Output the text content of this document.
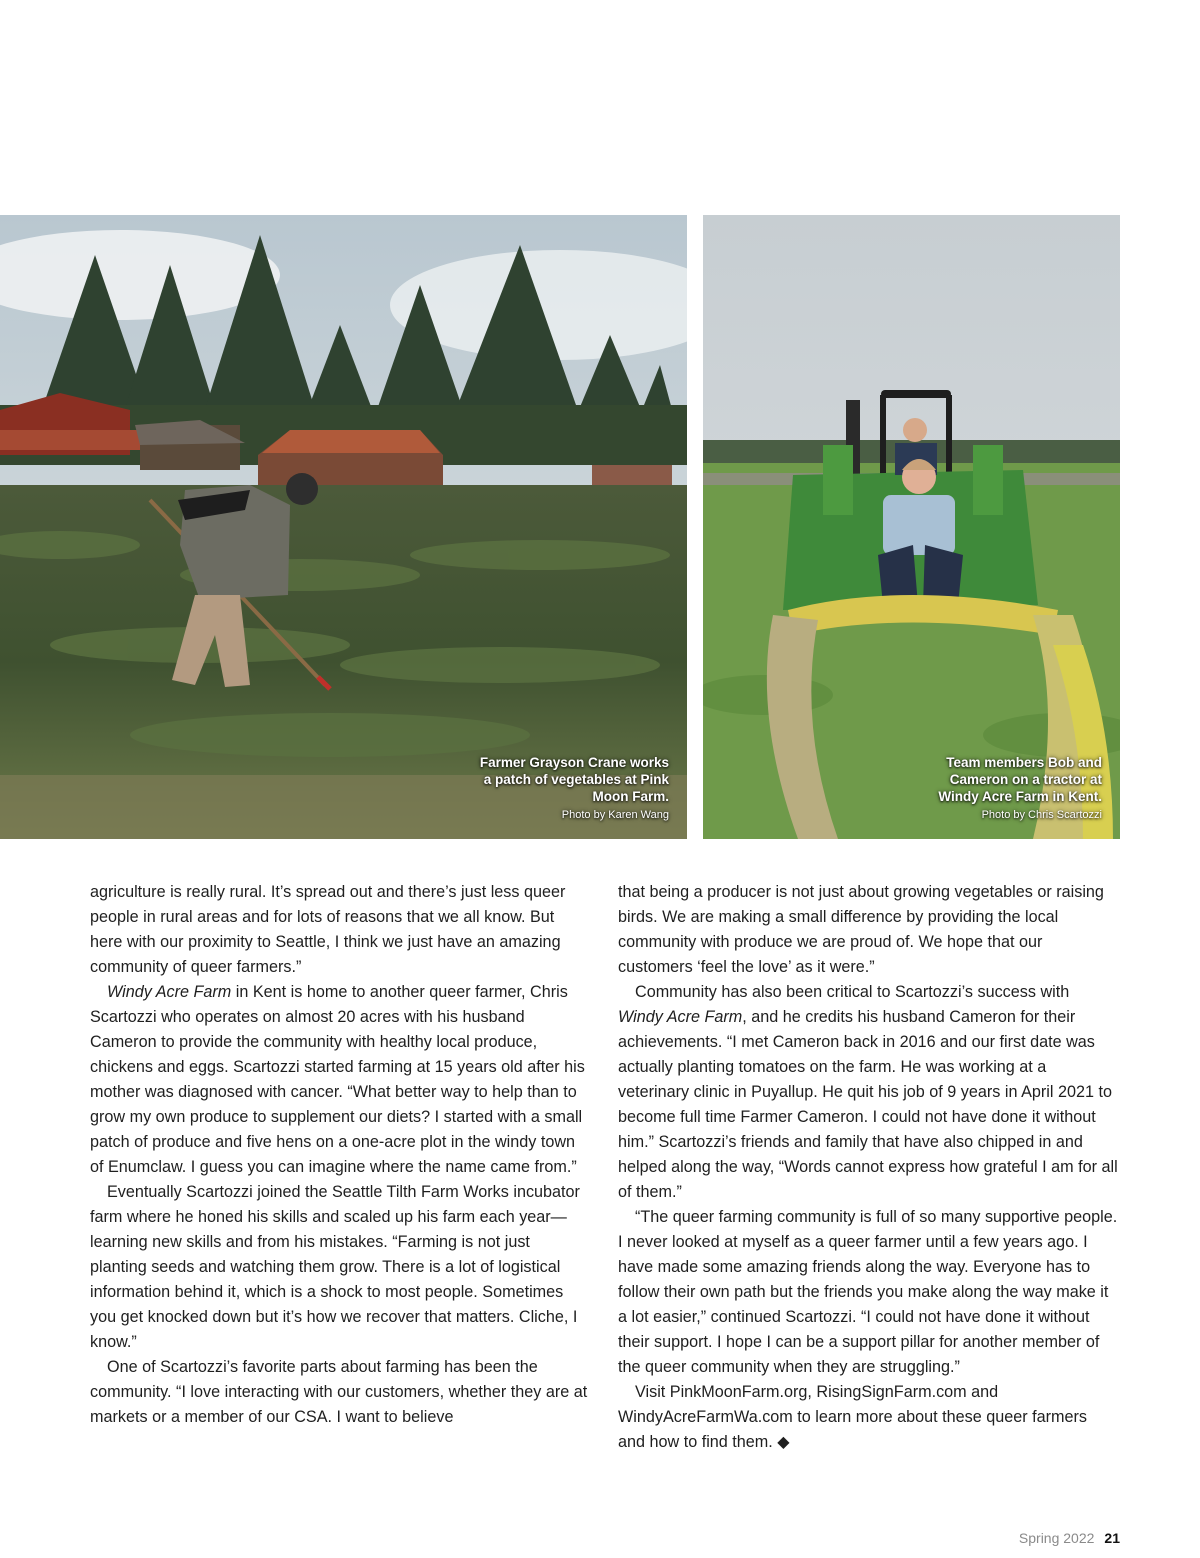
Farmer Grayson Crane works
a patch of vegetables at Pink
Moon Farm.
Photo by Karen Wang
Team members Bob and
Cameron on a tractor at
Windy Acre Farm in Kent.
Photo by Chris Scartozzi

agriculture is really rural. It’s spread out and there’s just less queer people in rural areas and for lots of reasons that we all know. But here with our proximity to Seattle, I think we just have an amazing community of queer farmers.”

Windy Acre Farm in Kent is home to another queer farmer, Chris Scartozzi who operates on almost 20 acres with his husband Cameron to provide the community with healthy local produce, chickens and eggs. Scartozzi started farming at 15 years old after his mother was diagnosed with cancer. “What better way to help than to grow my own produce to supplement our diets? I started with a small patch of produce and five hens on a one-acre plot in the windy town of Enumclaw. I guess you can imagine where the name came from.”

Eventually Scartozzi joined the Seattle Tilth Farm Works incubator farm where he honed his skills and scaled up his farm each year—learning new skills and from his mistakes. “Farming is not just planting seeds and watching them grow. There is a lot of logistical information behind it, which is a shock to most people. Sometimes you get knocked down but it’s how we recover that matters. Cliche, I know.”

One of Scartozzi’s favorite parts about farming has been the community. “I love interacting with our customers, whether they are at markets or a member of our CSA. I want to believe

that being a producer is not just about growing vegetables or raising birds. We are making a small difference by providing the local community with produce we are proud of. We hope that our customers ‘feel the love’ as it were.”

Community has also been critical to Scartozzi’s success with Windy Acre Farm, and he credits his husband Cameron for their achievements. “I met Cameron back in 2016 and our first date was actually planting tomatoes on the farm. He was working at a veterinary clinic in Puyallup. He quit his job of 9 years in April 2021 to become full time Farmer Cameron. I could not have done it without him.” Scartozzi’s friends and family that have also chipped in and helped along the way, “Words cannot express how grateful I am for all of them.”

“The queer farming community is full of so many supportive people. I never looked at myself as a queer farmer until a few years ago. I have made some amazing friends along the way. Everyone has to follow their own path but the friends you make along the way make it a lot easier,” continued Scartozzi. “I could not have done it without their support. I hope I can be a support pillar for another member of the queer community when they are struggling.”

Visit PinkMoonFarm.org, RisingSignFarm.com and WindyAcreFarmWa.com to learn more about these queer farmers and how to find them. ◆

Spring 2022 21
